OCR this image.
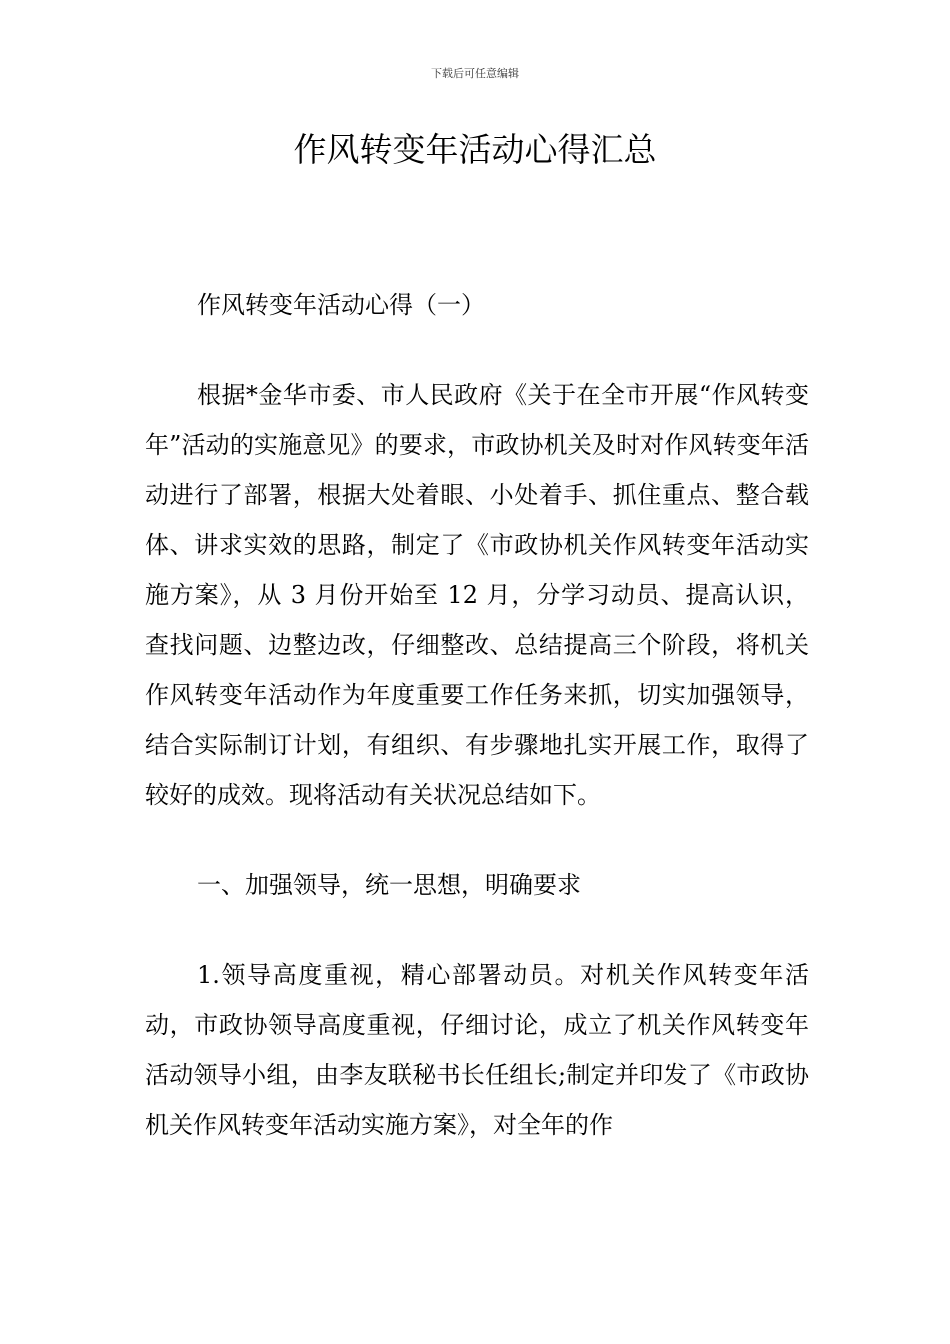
下载后可任意编辑
作风转变年活动心得汇总

作风转变年活动心得（一）

根据*金华市委、市人民政府《关于在全市开展“作风转变年”活动的实施意见》的要求，市政协机关及时对作风转变年活动进行了部署，根据大处着眼、小处着手、抓住重点、整合载体、讲求实效的思路，制定了《市政协机关作风转变年活动实施方案》，从 3 月份开始至 12 月，分学习动员、提高认识，查找问题、边整边改，仔细整改、总结提高三个阶段，将机关作风转变年活动作为年度重要工作任务来抓，切实加强领导，结合实际制订计划，有组织、有步骤地扎实开展工作，取得了较好的成效。现将活动有关状况总结如下。

一、加强领导，统一思想，明确要求

1.领导高度重视，精心部署动员。对机关作风转变年活动，市政协领导高度重视，仔细讨论，成立了机关作风转变年活动领导小组，由李友联秘书长任组长;制定并印发了《市政协机关作风转变年活动实施方案》，对全年的作
